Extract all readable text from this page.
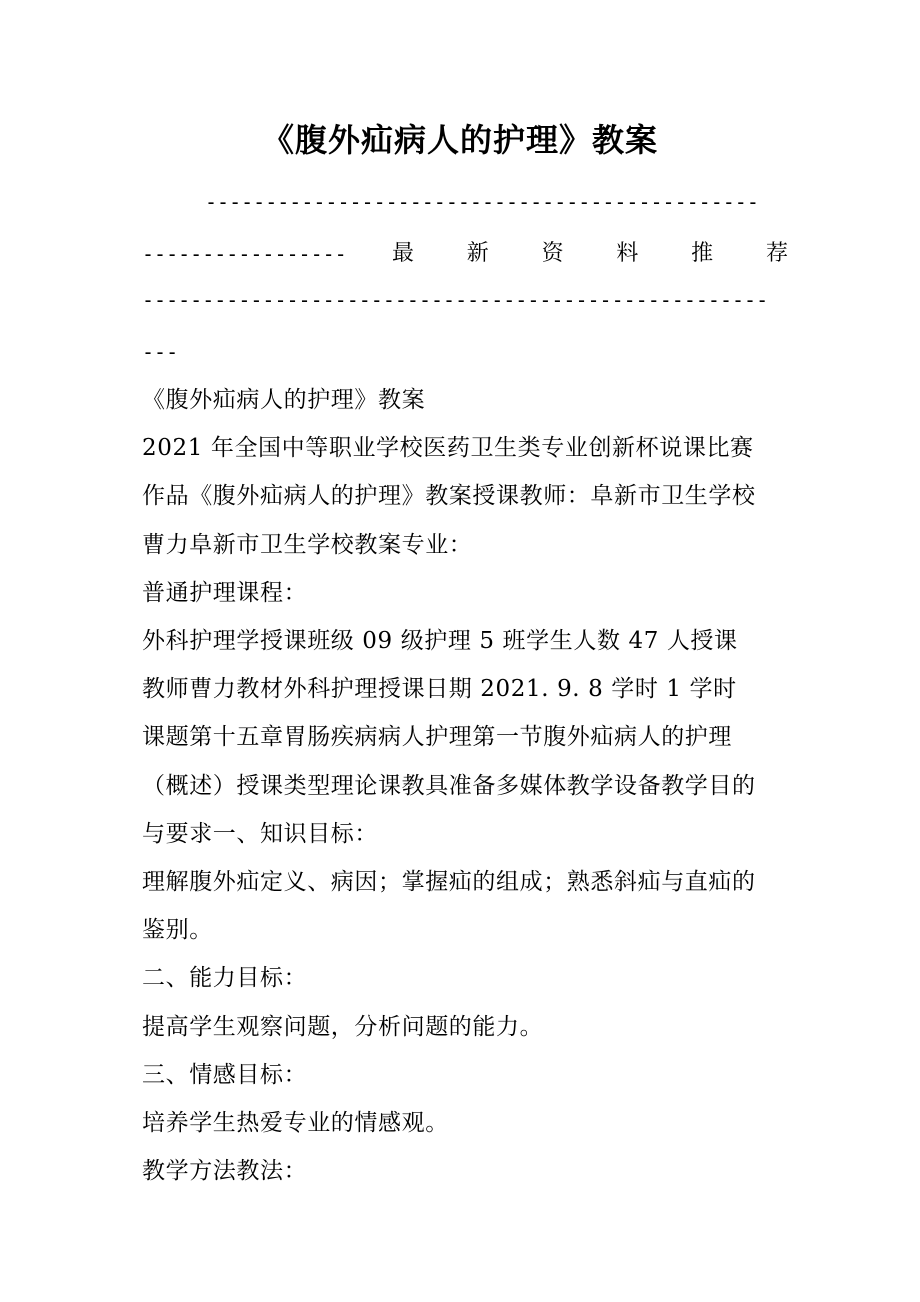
《腹外疝病人的护理》教案
----------------------------------------------
----------------- 最 新 资 料 推 荐
----------------------------------------------------
---

《腹外疝病人的护理》教案

2021 年全国中等职业学校医药卫生类专业创新杯说课比赛

作品《腹外疝病人的护理》教案授课教师：阜新市卫生学校

曹力阜新市卫生学校教案专业：

普通护理课程：

外科护理学授课班级 09 级护理 5 班学生人数 47 人授课

教师曹力教材外科护理授课日期 2021. 9. 8 学时 1 学时

课题第十五章胃肠疾病病人护理第一节腹外疝病人的护理

（概述）授课类型理论课教具准备多媒体教学设备教学目的

与要求一、知识目标：

理解腹外疝定义、病因；掌握疝的组成；熟悉斜疝与直疝的

鉴别。

二、能力目标：

提高学生观察问题，分析问题的能力。

三、情感目标：

培养学生热爱专业的情感观。

教学方法教法：
